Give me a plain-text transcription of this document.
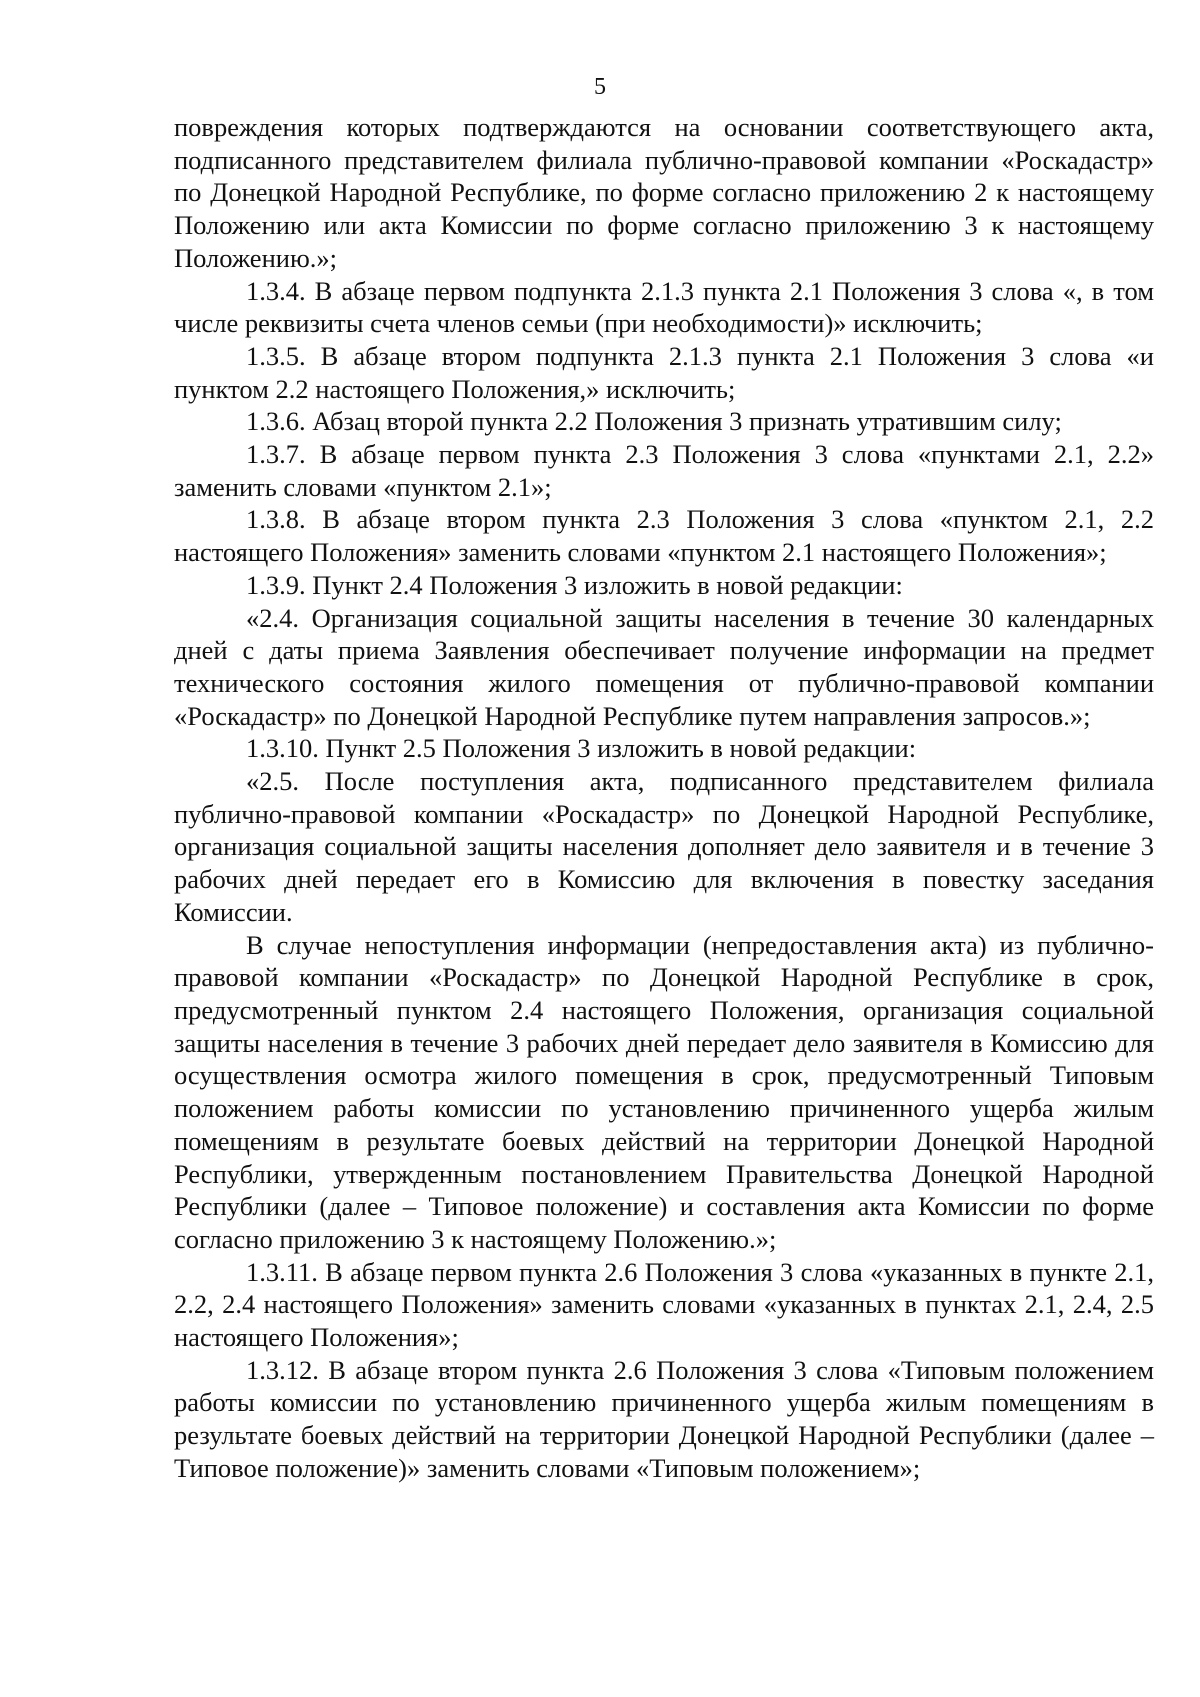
5

повреждения которых подтверждаются на основании соответствующего акта, подписанного представителем филиала публично-правовой компании «Роскадастр» по Донецкой Народной Республике, по форме согласно приложению 2 к настоящему Положению или акта Комиссии по форме согласно приложению 3 к настоящему Положению.»;

1.3.4. В абзаце первом подпункта 2.1.3 пункта 2.1 Положения 3 слова «, в том числе реквизиты счета членов семьи (при необходимости)» исключить;

1.3.5. В абзаце втором подпункта 2.1.3 пункта 2.1 Положения 3 слова «и пунктом 2.2 настоящего Положения,» исключить;

1.3.6. Абзац второй пункта 2.2 Положения 3 признать утратившим силу;

1.3.7. В абзаце первом пункта 2.3 Положения 3 слова «пунктами 2.1, 2.2» заменить словами «пунктом 2.1»;

1.3.8. В абзаце втором пункта 2.3 Положения 3 слова «пунктом 2.1, 2.2 настоящего Положения» заменить словами «пунктом 2.1 настоящего Положения»;

1.3.9. Пункт 2.4 Положения 3 изложить в новой редакции:

«2.4. Организация социальной защиты населения в течение 30 календарных дней с даты приема Заявления обеспечивает получение информации на предмет технического состояния жилого помещения от публично-правовой компании «Роскадастр» по Донецкой Народной Республике путем направления запросов.»;

1.3.10. Пункт 2.5 Положения 3 изложить в новой редакции:

«2.5. После поступления акта, подписанного представителем филиала публично-правовой компании «Роскадастр» по Донецкой Народной Республике, организация социальной защиты населения дополняет дело заявителя и в течение 3 рабочих дней передает его в Комиссию для включения в повестку заседания Комиссии.

В случае непоступления информации (непредоставления акта) из публично-правовой компании «Роскадастр» по Донецкой Народной Республике в срок, предусмотренный пунктом 2.4 настоящего Положения, организация социальной защиты населения в течение 3 рабочих дней передает дело заявителя в Комиссию для осуществления осмотра жилого помещения в срок, предусмотренный Типовым положением работы комиссии по установлению причиненного ущерба жилым помещениям в результате боевых действий на территории Донецкой Народной Республики, утвержденным постановлением Правительства Донецкой Народной Республики (далее – Типовое положение) и составления акта Комиссии по форме согласно приложению 3 к настоящему Положению.»;

1.3.11. В абзаце первом пункта 2.6 Положения 3 слова «указанных в пункте 2.1, 2.2, 2.4 настоящего Положения» заменить словами «указанных в пунктах 2.1, 2.4, 2.5 настоящего Положения»;

1.3.12. В абзаце втором пункта 2.6 Положения 3 слова «Типовым положением работы комиссии по установлению причиненного ущерба жилым помещениям в результате боевых действий на территории Донецкой Народной Республики (далее – Типовое положение)» заменить словами «Типовым положением»;
